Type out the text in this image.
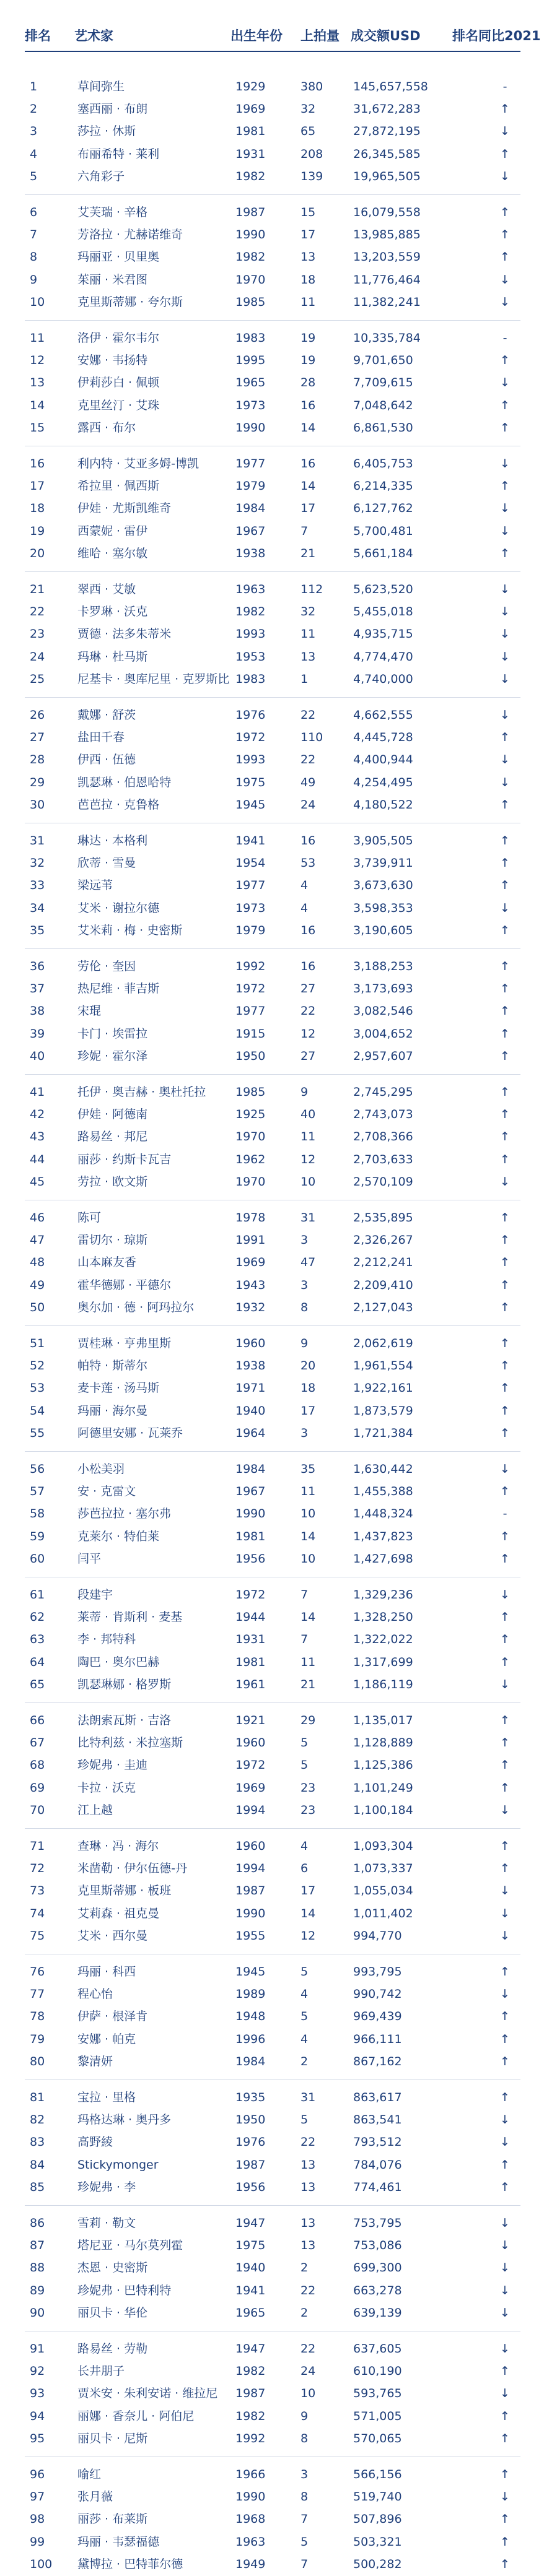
排名 艺术家	出生年份 上拍量 成交额USD 排名同比2021
1	草间弥生	1929	380	145,657,558	-
2	塞西丽 · 布朗	1969	32	31,672,283	↑
3	莎拉 · 休斯	1981	65	27,872,195	↓
4	布丽希特 · 莱利	1931	208	26,345,585	↑
5	六角彩子	1982	139	19,965,505	↓
6	艾芙瑞 · 辛格	1987	15	16,079,558	↑
7	芳洛拉 · 尤赫诺维奇	1990	17	13,985,885	↑
8	玛丽亚 · 贝里奥	1982	13	13,203,559	↑
9	茱丽 · 米君图	1970	18	11,776,464	↓
10	克里斯蒂娜 · 夸尔斯	1985	11	11,382,241	↓
11	洛伊 · 霍尔韦尔	1983	19	10,335,784	-
12	安娜 · 韦扬特	1995	19	9,701,650	↑
13	伊莉莎白 · 佩顿	1965	28	7,709,615	↓
14	克里丝汀 · 艾珠	1973	16	7,048,642	↑
15	露西 · 布尔	1990	14	6,861,530	↑
16	利内特 · 艾亚多姆-博凯	1977	16	6,405,753	↓
17	希拉里 · 佩西斯	1979	14	6,214,335	↑
18	伊娃 · 尤斯凯维奇	1984	17	6,127,762	↓
19	西蒙妮 · 雷伊	1967	7	5,700,481	↓
20	维哈 · 塞尔敏	1938	21	5,661,184	↑
21	翠西 · 艾敏	1963	112	5,623,520	↓
22	卡罗琳 · 沃克	1982	32	5,455,018	↓
23	贾德 · 法多朱蒂米	1993	11	4,935,715	↓
24	玛琳 · 杜马斯	1953	13	4,774,470	↓
25	尼基卡 · 奥库尼里 · 克罗斯比 1983	1	4,740,000	↓
26	戴娜 · 舒茨	1976	22	4,662,555	↓
27	盐田千春	1972	110	4,445,728	↑
28	伊西 · 伍德	1993	22	4,400,944	↓
29	凯瑟琳 · 伯恩哈特	1975	49	4,254,495	↓
30	芭芭拉 · 克鲁格	1945	24	4,180,522	↑
31	琳达 · 本格利	1941	16	3,905,505	↑
32	欣蒂 · 雪曼	1954	53	3,739,911	↑
33	梁远苇	1977	4	3,673,630	↑
34	艾米 · 谢拉尔德	1973	4	3,598,353	↓
35	艾米莉 · 梅 · 史密斯	1979	16	3,190,605	↑
36	劳伦 · 奎因	1992	16	3,188,253	↑
37	热尼维 · 菲吉斯	1972	27	3,173,693	↑
38	宋琨	1977	22	3,082,546	↑
39	卡门 · 埃雷拉	1915	12	3,004,652	↑
40	珍妮 · 霍尔泽	1950	27	2,957,607	↑
41	托伊 · 奥吉赫 · 奥杜托拉	1985	9	2,745,295	↑
42	伊娃 · 阿德南	1925	40	2,743,073	↑
43	路易丝 · 邦尼	1970	11	2,708,366	↑
44	丽莎 · 约斯卡瓦吉	1962	12	2,703,633	↑
45	劳拉 · 欧文斯	1970	10	2,570,109	↓
46	陈可	1978	31	2,535,895	↑
47	雷切尔 · 琼斯	1991	3	2,326,267	↑
48	山本麻友香	1969	47	2,212,241	↑
49	霍华德娜 · 平德尔	1943	3	2,209,410	↑
50	奥尔加 · 德 · 阿玛拉尔	1932	8	2,127,043	↑
51	贾桂琳 · 亨弗里斯	1960	9	2,062,619	↑
52	帕特 · 斯蒂尔	1938	20	1,961,554	↑
53	麦卡莲 · 汤马斯	1971	18	1,922,161	↑
54	玛丽 · 海尔曼	1940	17	1,873,579	↑
55	阿德里安娜 · 瓦莱乔	1964	3	1,721,384	↑
56	小松美羽	1984	35	1,630,442	↓
57	安 · 克雷文	1967	11	1,455,388	↑
58	莎芭拉拉 · 塞尔弗	1990	10	1,448,324	-
59	克莱尔 · 特伯莱	1981	14	1,437,823	↑
60	闫平	1956	10	1,427,698	↑
61	段建宇	1972	7	1,329,236	↓
62	莱蒂 · 肯斯利 · 麦基	1944	14	1,328,250	↑
63	李 · 邦特科	1931	7	1,322,022	↑
64	陶巴 · 奥尔巴赫	1981	11	1,317,699	↑
65	凯瑟琳娜 · 格罗斯	1961	21	1,186,119	↓
66	法朗索瓦斯 · 吉洛	1921	29	1,135,017	↑
67	比特利兹 · 米拉塞斯	1960	5	1,128,889	↑
68	珍妮弗 · 圭迪	1972	5	1,125,386	↑
69	卡拉 · 沃克	1969	23	1,101,249	↑
70	江上越	1994	23	1,100,184	↓
71	查琳 · 冯 · 海尔	1960	4	1,093,304	↑
72	米凿勒 · 伊尔伍德-丹	1994	6	1,073,337	↑
73	克里斯蒂娜 · 板班	1987	17	1,055,034	↓
74	艾莉森 · 祖克曼	1990	14	1,011,402	↓
75	艾米 · 西尔曼	1955	12	994,770	↓
76	玛丽 · 科西	1945	5	993,795	↑
77	程心怡	1989	4	990,742	↓
78	伊萨 · 根泽肯	1948	5	969,439	↑
79	安娜 · 帕克	1996	4	966,111	↑
80	黎清妍	1984	2	867,162	↑
81	宝拉 · 里格	1935	31	863,617	↑
82	玛格达琳 · 奥丹多	1950	5	863,541	↓
83	高野綾	1976	22	793,512	↓
84	Stickymonger	1987	13	784,076	↑
85	珍妮弗 · 李	1956	13	774,461	↑
86	雪莉 · 勒文	1947	13	753,795	↓
87	塔尼亚 · 马尔莫列霍	1975	13	753,086	↓
88	杰恩 · 史密斯	1940	2	699,300	↓
89	珍妮弗 · 巴特利特	1941	22	663,278	↓
90	丽贝卡 · 华伦	1965	2	639,139	↓
91	路易丝 · 劳勒	1947	22	637,605	↓
92	长井朋子	1982	24	610,190	↑
93	贾米安 · 朱利安诺 · 维拉尼 1987	10	593,765	↓
94	丽娜 · 香奈儿 · 阿伯尼	1982	9	571,005	↑
95	丽贝卡 · 尼斯	1992	8	570,065	↑
96	喻红	1966	3	566,156	↑
97	张月薇	1990	8	519,740	↓
98	丽莎 · 布莱斯	1968	7	507,896	↑
99	玛丽 · 韦瑟福德	1963	5	503,321	↑
100 黛博拉 · 巴特菲尔德	1949	7	500,282	↑
